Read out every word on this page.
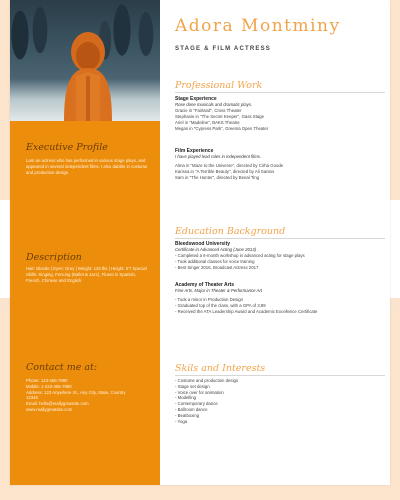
Executive Profile
Lam an actress who has performed in various stage plays, and appeared in several independent films. I also dabble in costume and production design.
Description
Hair: Blonde | Eyes: Grey | Weight: 128 lbs | Height: 5'7 Special Skills: Singing, Fencing (Ballet & Jazz), Fluent in Spanish, French, Chinese and English.
Contact me at:
Phone: 123-456-7890
Mobile: 1-223-456-7890
Address: 123 Anywhere St., Any City, State, Country
12345
Email: hello@reallygreatsite.com
www.reallygreatsite.com
Adora Montminy
STAGE & FILM ACTRESS
Professional Work
Stage Experience
Rose done musicals and dramatic plays.
Gracie in "Fairland", Cross Theater
Stephanie in "The Secret Keeper", Gass Stage
Ariel in "Madeline", BAKS Theatre
Megan in "Cypress Park", Greema Open Theater
Film Experience
I have played lead roles in independent films.
Alma in "Maze to the Universe", directed by Cirha Goode
Karissa in "A Terrible Beauty", directed by Ali Santos
Sam in "The Hunter", directed by Benal Ting
Education Background
Bleedswood University
Certificate in Advanced Acting (June 2013)
- Completed a 6-month workshop in advanced acting for stage plays
- Took additional classes for voice training
- Best Singer 2016, Broadcast Actress 2017
Academy of Theater Arts
Fine Arts, Major in Theater & Performance Art
- Took a minor in Production Design
- Graduated top of the class, with a GPA of 3.89
- Received the ATA Leadership Award and Academic Excellence Certificate
Skils and Interests
- Costume and production design
- Stage set design
- Voice over for animation
- Modelling
- Contemporary dance
- Ballroom dance
- Beatboxing
- Yoga
